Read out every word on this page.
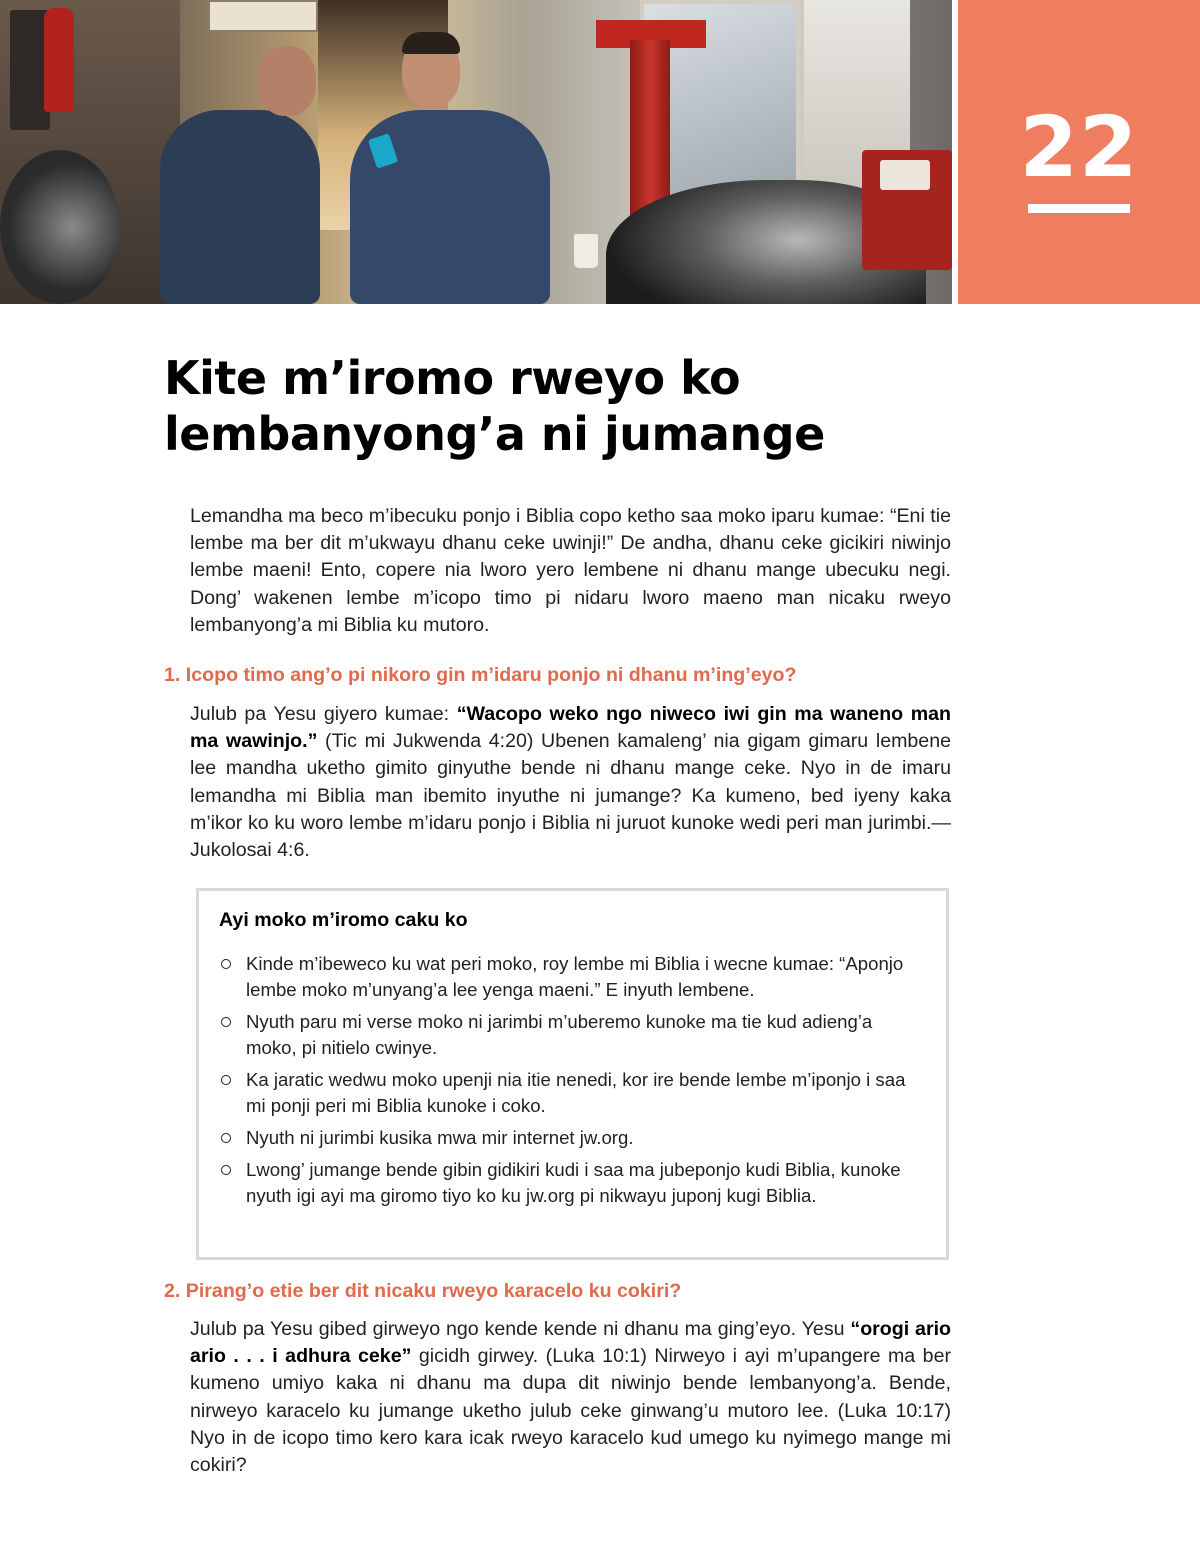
22
Kite m’iromo rweyo ko
lembanyong’a ni jumange

Lemandha ma beco m’ibecuku ponjo i Biblia copo ketho saa moko iparu kumae: “Eni tie lembe ma ber dit m’ukwayu dhanu ceke uwinji!” De andha, dhanu ceke gicikiri niwinjo lembe maeni! Ento, copere nia lworo yero lembene ni dhanu mange ubecuku negi. Dong’ wakenen lembe m’icopo timo pi nidaru lworo maeno man nicaku rweyo lembanyong’a mi Biblia ku mutoro.

1. Icopo timo ang’o pi nikoro gin m’idaru ponjo ni dhanu m’ing’eyo?

Julub pa Yesu giyero kumae: “Wacopo weko ngo niweco iwi gin ma waneno man ma wawinjo.” (Tic mi Jukwenda 4:20) Ubenen kamaleng’ nia gigam gimaru lembene lee mandha uketho gimito ginyuthe bende ni dhanu mange ceke. Nyo in de imaru lemandha mi Biblia man ibemito inyuthe ni jumange? Ka kumeno, bed iyeny kaka m’ikor ko ku woro lembe m’idaru ponjo i Biblia ni juruot kunoke wedi peri man jurimbi.—Jukolosai 4:6.

Ayi moko m’iromo caku ko
Kinde m’ibeweco ku wat peri moko, roy lembe mi Biblia i wecne kumae: “Aponjo lembe moko m’unyang’a lee yenga maeni.” E inyuth lembene.
Nyuth paru mi verse moko ni jarimbi m’uberemo kunoke ma tie kud adieng’a moko, pi nitielo cwinye.
Ka jaratic wedwu moko upenji nia itie nenedi, kor ire bende lembe m’iponjo i saa mi ponji peri mi Biblia kunoke i coko.
Nyuth ni jurimbi kusika mwa mir internet jw.org.
Lwong’ jumange bende gibin gidikiri kudi i saa ma jubeponjo kudi Biblia, kunoke nyuth igi ayi ma giromo tiyo ko ku jw.org pi nikwayu juponj kugi Biblia.
2. Pirang’o etie ber dit nicaku rweyo karacelo ku cokiri?

Julub pa Yesu gibed girweyo ngo kende kende ni dhanu ma ging’eyo. Yesu “orogi ario ario . . . i adhura ceke” gicidh girwey. (Luka 10:1) Nirweyo i ayi m’upangere ma ber kumeno umiyo kaka ni dhanu ma dupa dit niwinjo bende lembanyong’a. Bende, nirweyo karacelo ku jumange uketho julub ceke ginwang’u mutoro lee. (Luka 10:17) Nyo in de icopo timo kero kara icak rweyo karacelo kud umego ku nyimego mange mi cokiri?
